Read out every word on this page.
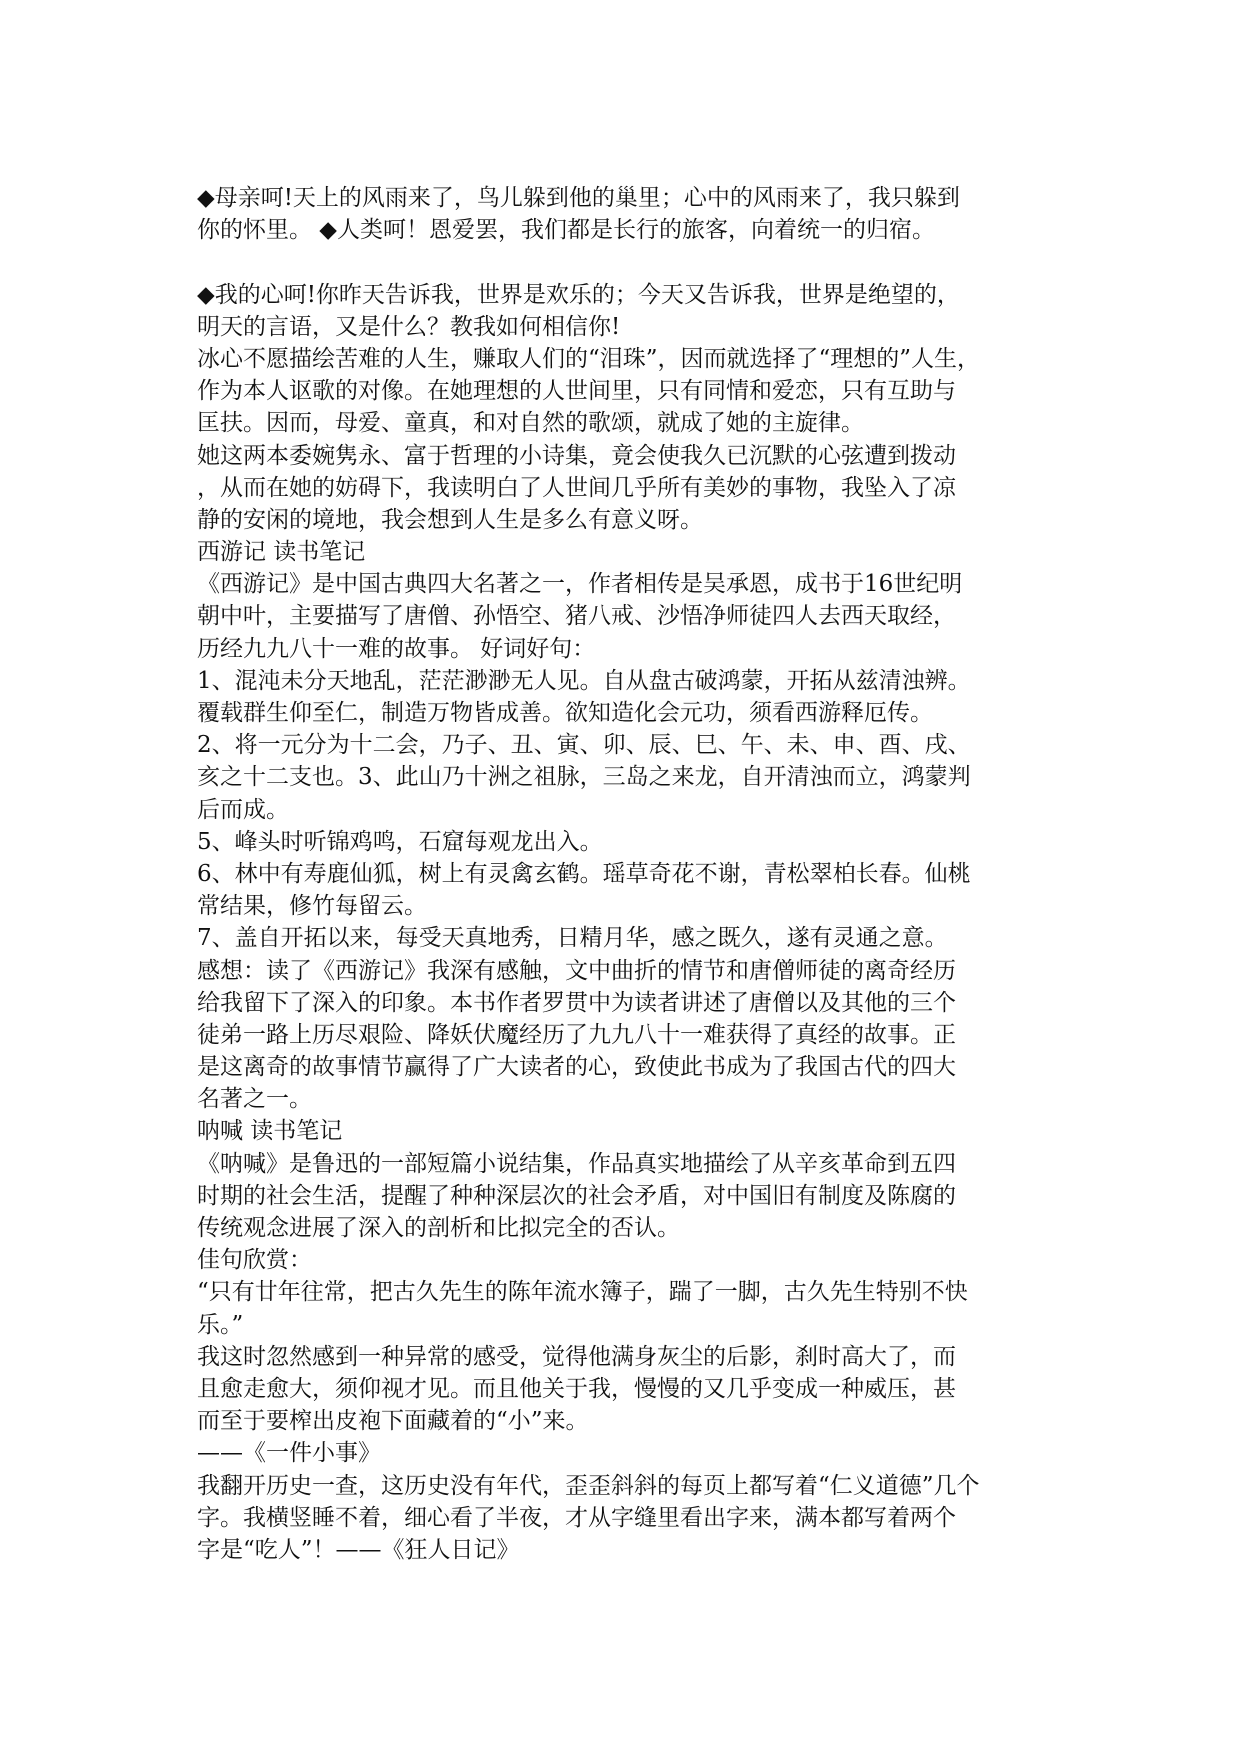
◆母亲呵!天上的风雨来了，鸟儿躲到他的巢里；心中的风雨来了，我只躲到
你的怀里。 ◆人类呵！恩爱罢，我们都是长行的旅客，向着统一的归宿。
◆我的心呵!你昨天告诉我，世界是欢乐的；今天又告诉我，世界是绝望的，
明天的言语，又是什么？教我如何相信你!
冰心不愿描绘苦难的人生，赚取人们的“泪珠”，因而就选择了“理想的”人生，
作为本人讴歌的对像。在她理想的人世间里，只有同情和爱恋，只有互助与
匡扶。因而，母爱、童真，和对自然的歌颂，就成了她的主旋律。
她这两本委婉隽永、富于哲理的小诗集，竟会使我久已沉默的心弦遭到拨动
，从而在她的妨碍下，我读明白了人世间几乎所有美妙的事物，我坠入了凉
静的安闲的境地，我会想到人生是多么有意义呀。
西游记 读书笔记
《西游记》是中国古典四大名著之一，作者相传是吴承恩，成书于16世纪明
朝中叶，主要描写了唐僧、孙悟空、猪八戒、沙悟净师徒四人去西天取经，
历经九九八十一难的故事。 好词好句：
1、混沌未分天地乱，茫茫渺渺无人见。自从盘古破鸿蒙，开拓从兹清浊辨。
覆载群生仰至仁，制造万物皆成善。欲知造化会元功，须看西游释厄传。
2、将一元分为十二会，乃子、丑、寅、卯、辰、巳、午、未、申、酉、戌、
亥之十二支也。3、此山乃十洲之祖脉，三岛之来龙，自开清浊而立，鸿蒙判
后而成。
5、峰头时听锦鸡鸣，石窟每观龙出入。
6、林中有寿鹿仙狐，树上有灵禽玄鹤。瑶草奇花不谢，青松翠柏长春。仙桃
常结果，修竹每留云。
7、盖自开拓以来，每受天真地秀，日精月华，感之既久，遂有灵通之意。
感想：读了《西游记》我深有感触，文中曲折的情节和唐僧师徒的离奇经历
给我留下了深入的印象。本书作者罗贯中为读者讲述了唐僧以及其他的三个
徒弟一路上历尽艰险、降妖伏魔经历了九九八十一难获得了真经的故事。正
是这离奇的故事情节赢得了广大读者的心，致使此书成为了我国古代的四大
名著之一。
呐喊 读书笔记
《呐喊》是鲁迅的一部短篇小说结集，作品真实地描绘了从辛亥革命到五四
时期的社会生活，提醒了种种深层次的社会矛盾，对中国旧有制度及陈腐的
传统观念进展了深入的剖析和比拟完全的否认。
佳句欣赏：
“只有廿年往常，把古久先生的陈年流水簿子，踹了一脚，古久先生特别不快
乐。”
我这时忽然感到一种异常的感受，觉得他满身灰尘的后影，刹时高大了，而
且愈走愈大，须仰视才见。而且他关于我，慢慢的又几乎变成一种威压，甚
而至于要榨出皮袍下面藏着的“小”来。
——《一件小事》
我翻开历史一查，这历史没有年代，歪歪斜斜的每页上都写着“仁义道德”几个
字。我横竖睡不着，细心看了半夜，才从字缝里看出字来，满本都写着两个
字是“吃人”！——《狂人日记》
